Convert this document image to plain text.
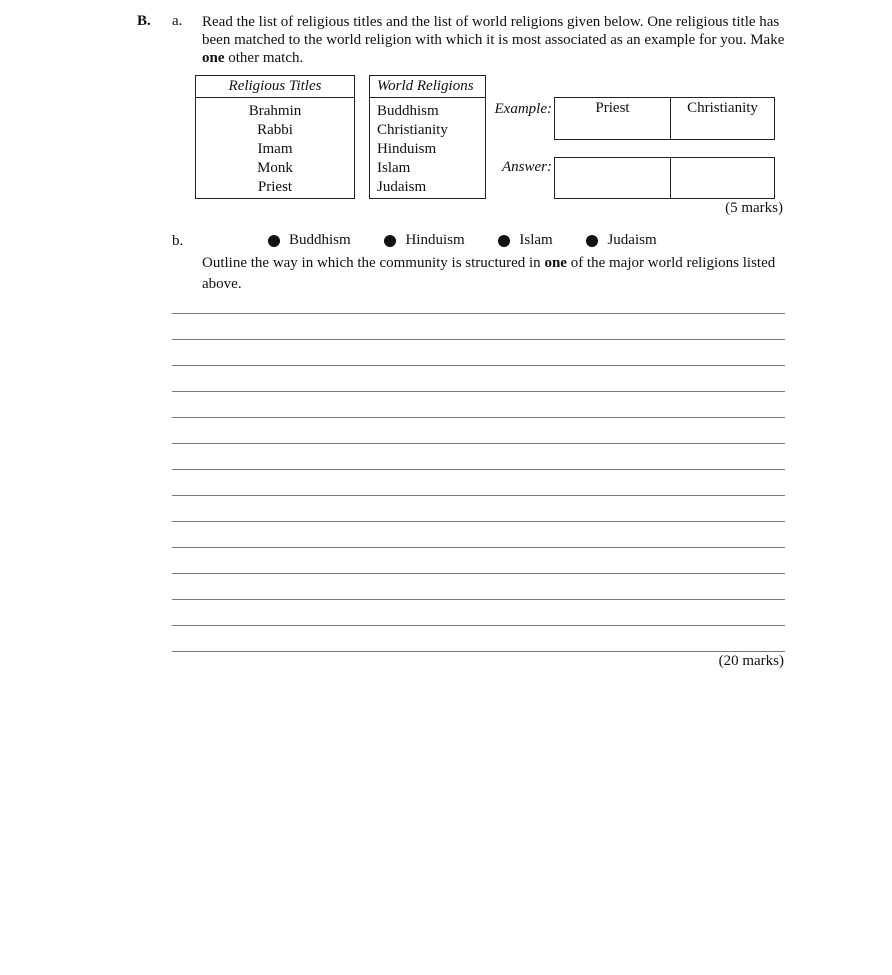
B. a. Read the list of religious titles and the list of world religions given below. One religious title has been matched to the world religion with which it is most associated as an example for you. Make one other match.
Religious Titles
Brahmin
Rabbi
Imam
Monk
Priest
World Religions
Buddhism
Christianity
Hinduism
Islam
Judaism
Example:	Priest	Christianity
Answer:
(5 marks)
b.	Buddhism
	Hinduism
	Islam
	Judaism
Outline the way in which the community is structured in one of the major world religions listed above.
(20 marks)
